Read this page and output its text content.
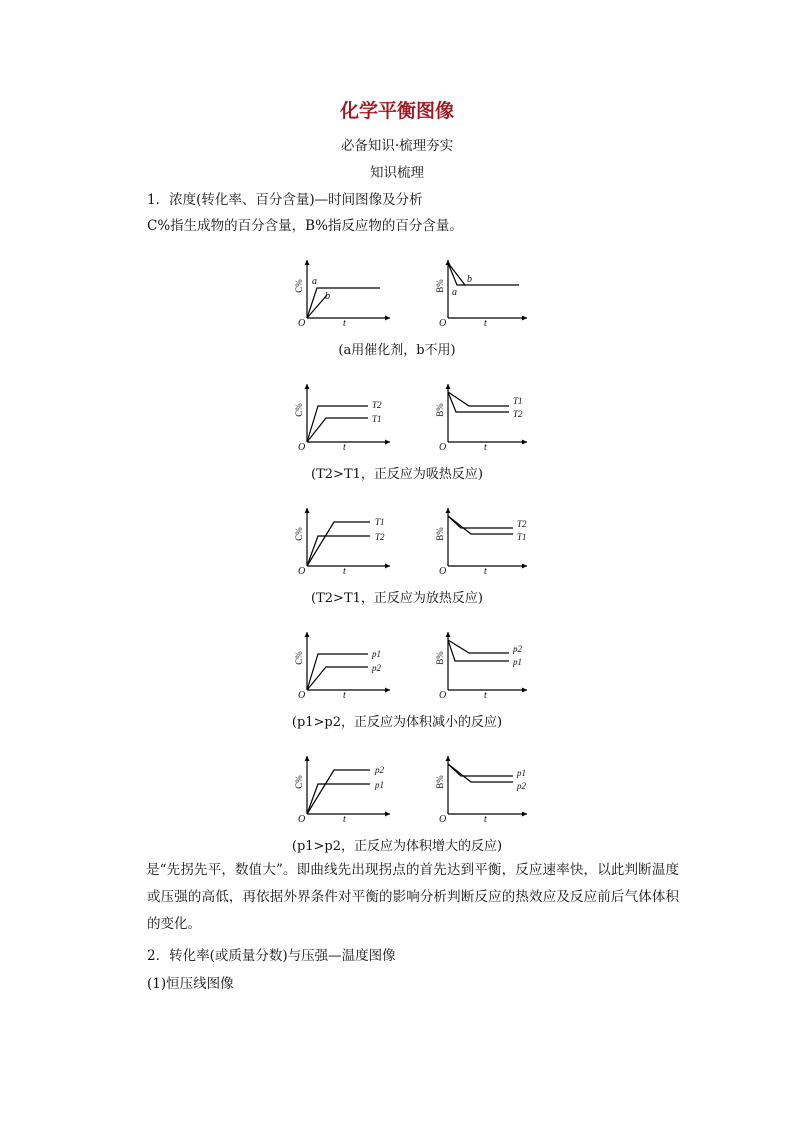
化学平衡图像
必备知识·梳理夯实
知识梳理
1．浓度(转化率、百分含量)—时间图像及分析
C%指生成物的百分含量，B%指反应物的百分含量。
O	t
C% a
b
O	t
B% b
a
(a用催化剂，b不用)
O	t
C%	T2
T1
O	t
B%
T1
T2
(T2>T1，正反应为吸热反应)
O	t
C%
T1
T2
O	t
B%
T2
T1
(T2>T1，正反应为放热反应)
O	t
C%	p1
p2
O	t
B%
p2
p1
(p1>p2，正反应为体积减小的反应)
O	t
C%
p2
p1
O	t
B%
p1
p2
(p1>p2，正反应为体积增大的反应)
是“先拐先平，数值大”。即曲线先出现拐点的首先达到平衡，反应速率快，以此判断温度或压强的高低，再依据外界条件对平衡的影响分析判断反应的热效应及反应前后气体体积的变化。
2．转化率(或质量分数)与压强—温度图像
(1)恒压线图像
